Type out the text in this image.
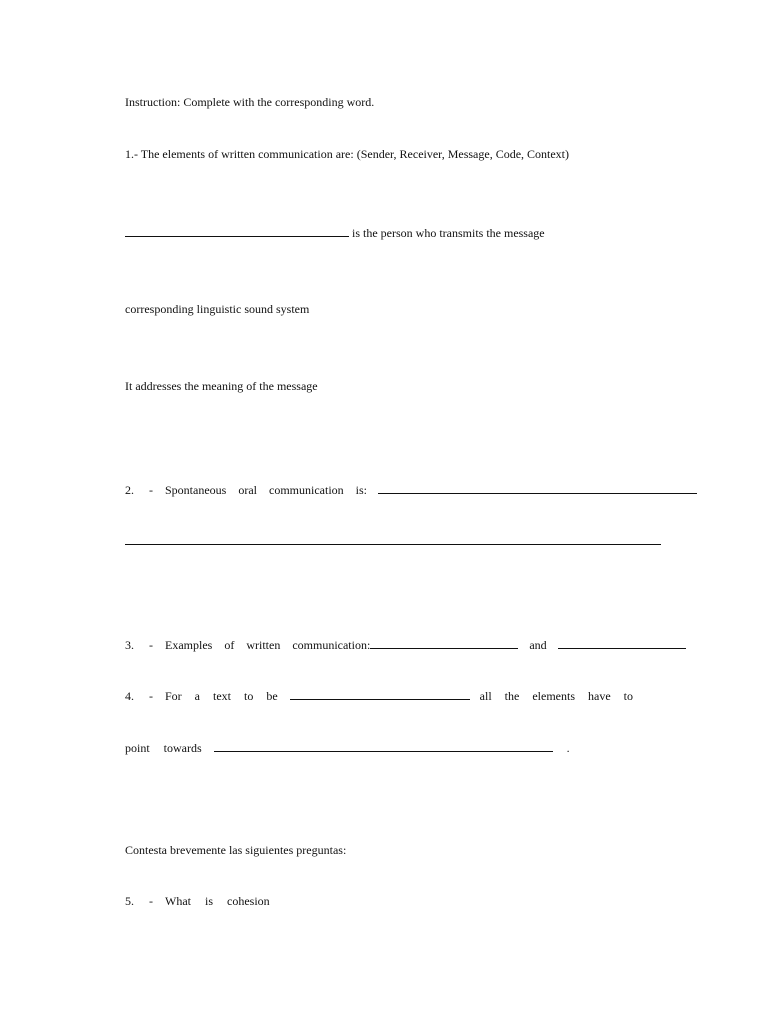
Instruction: Complete with the corresponding word.
1.- The elements of written communication are: (Sender, Receiver, Message, Code, Context)
is the person who transmits the message
corresponding linguistic sound system
It addresses the meaning of the message
2. - Spontaneous oral communication is:
3. - Examples of written communication:	and
4. - For a text to be	all the elements have to
point towards	.
Contesta brevemente las siguientes preguntas:
5. - What is cohesion
